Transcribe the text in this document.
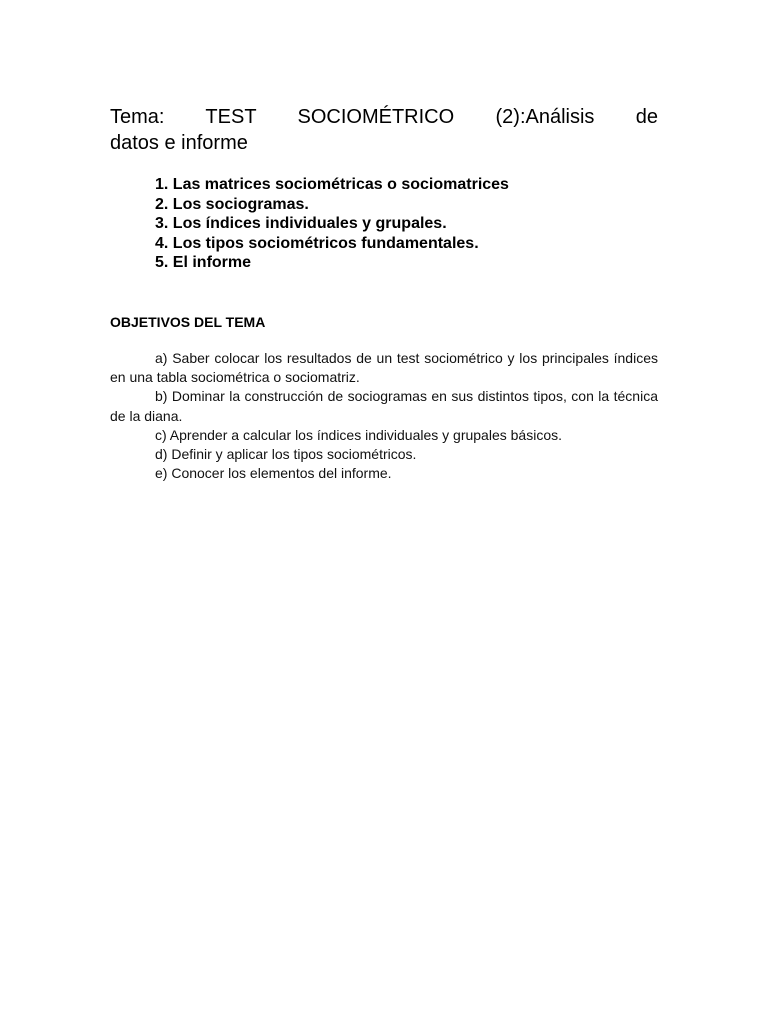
Tema: TEST SOCIOMÉTRICO (2):Análisis de
datos e informe
1. Las matrices sociométricas o sociomatrices
2. Los sociogramas.
3. Los índices individuales y grupales.
4. Los tipos sociométricos fundamentales.
5. El informe
OBJETIVOS DEL TEMA

a) Saber colocar los resultados de un test sociométrico y los principales índices en una tabla sociométrica o sociomatriz.

b) Dominar la construcción de sociogramas en sus distintos tipos, con la técnica de la diana.

c) Aprender a calcular los índices individuales y grupales básicos.

d) Definir y aplicar los tipos sociométricos.

e) Conocer los elementos del informe.
